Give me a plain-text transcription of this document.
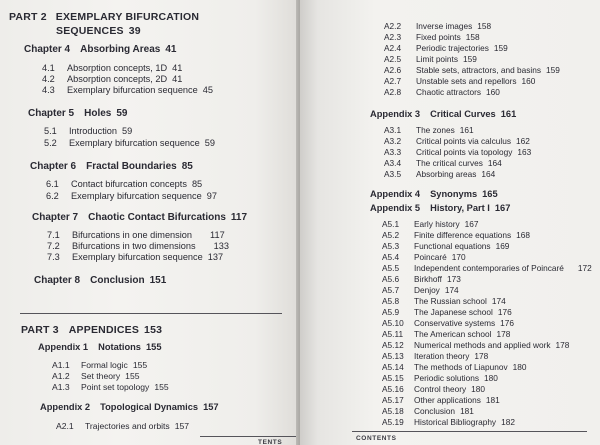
PART 2 EXEMPLARY BIFURCATION
SEQUENCES 39
Chapter 4 Absorbing Areas 41
4.1 Absorption concepts, 1D 41
4.2 Absorption concepts, 2D 41
4.3 Exemplary bifurcation sequence 45
Chapter 5 Holes 59
5.1 Introduction 59
5.2 Exemplary bifurcation sequence 59
Chapter 6 Fractal Boundaries 85
6.1 Contact bifurcation concepts 85
6.2 Exemplary bifurcation sequence 97
Chapter 7 Chaotic Contact Bifurcations 117
7.1 Bifurcations in one dimension 117
7.2 Bifurcations in two dimensions 133
7.3 Exemplary bifurcation sequence 137
Chapter 8 Conclusion 151
PART 3 APPENDICES 153
Appendix 1 Notations 155
A1.1 Formal logic 155
A1.2 Set theory 155
A1.3 Point set topology 155
Appendix 2 Topological Dynamics 157
A2.1 Trajectories and orbits 157
TENTS
A2.2 Inverse images 158
A2.3 Fixed points 158
A2.4 Periodic trajectories 159
A2.5 Limit points 159
A2.6 Stable sets, attractors, and basins 159
A2.7 Unstable sets and repellors 160
A2.8 Chaotic attractors 160
Appendix 3 Critical Curves 161
A3.1 The zones 161
A3.2 Critical points via calculus 162
A3.3 Critical points via topology 163
A3.4 The critical curves 164
A3.5 Absorbing areas 164
Appendix 4 Synonyms 165
Appendix 5 History, Part I 167
A5.1 Early history 167
A5.2 Finite difference equations 168
A5.3 Functional equations 169
A5.4 Poincaré 170
A5.5 Independent contemporaries of Poincaré 172
A5.6 Birkhoff 173
A5.7 Denjoy 174
A5.8 The Russian school 174
A5.9 The Japanese school 176
A5.10 Conservative systems 176
A5.11 The American school 178
A5.12 Numerical methods and applied work 178
A5.13 Iteration theory 178
A5.14 The methods of Liapunov 180
A5.15 Periodic solutions 180
A5.16 Control theory 180
A5.17 Other applications 181
A5.18 Conclusion 181
A5.19 Historical Bibliography 182
CONTENTS
